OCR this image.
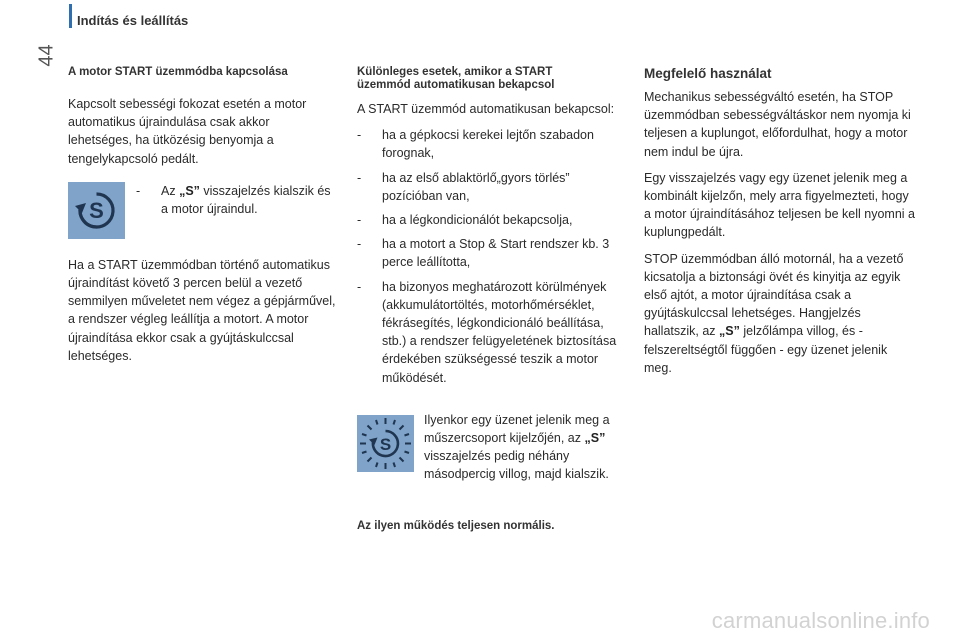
Indítás és leállítás
44
A motor START üzemmódba kapcsolása

Kapcsolt sebességi fokozat esetén a motor automatikus újraindulása csak akkor lehetséges, ha ütközésig benyomja a tengelykapcsoló pedált.

S
-	Az „S” visszajelzés kialszik és a motor újraindul.

Ha a START üzemmódban történő automatikus újraindítást követő 3 percen belül a vezető semmilyen műveletet nem végez a gépjárművel, a rendszer végleg leállítja a motort. A motor újraindítása ekkor csak a gyújtáskulccsal lehetséges.

Különleges esetek, amikor a START
üzemmód automatikusan bekapcsol

A START üzemmód automatikusan bekapcsol:

- ha a gépkocsi kerekei lejtőn szabadon forognak,
- ha az első ablaktörlő„gyors törlés” pozícióban van,
- ha a légkondicionálót bekapcsolja,
- ha a motort a Stop & Start rendszer kb. 3 perce leállította,
- ha bizonyos meghatározott körülmények (akkumulátortöltés, motorhőmérséklet, fékrásegítés, légkondicionáló beállítása, stb.) a rendszer felügyeletének biztosítása érdekében szükségessé teszik a motor működését.
S
Ilyenkor egy üzenet jelenik meg a műszercsoport kijelzőjén, az „S” visszajelzés pedig néhány másodpercig villog, majd kialszik.

Az ilyen működés teljesen normális.

Megfelelő használat

Mechanikus sebességváltó esetén, ha STOP üzemmódban sebességváltáskor nem nyomja ki teljesen a kuplungot, előfordulhat, hogy a motor nem indul be újra.

Egy visszajelzés vagy egy üzenet jelenik meg a kombinált kijelzőn, mely arra figyelmezteti, hogy a motor újraindításához teljesen be kell nyomni a kuplungpedált.

STOP üzemmódban álló motornál, ha a vezető kicsatolja a biztonsági övét és kinyitja az egyik első ajtót, a motor újraindítása csak a gyújtáskulccsal lehetséges. Hangjelzés hallatszik, az „S” jelzőlámpa villog, és - felszereltségtől függően - egy üzenet jelenik meg.

carmanualsonline.info
